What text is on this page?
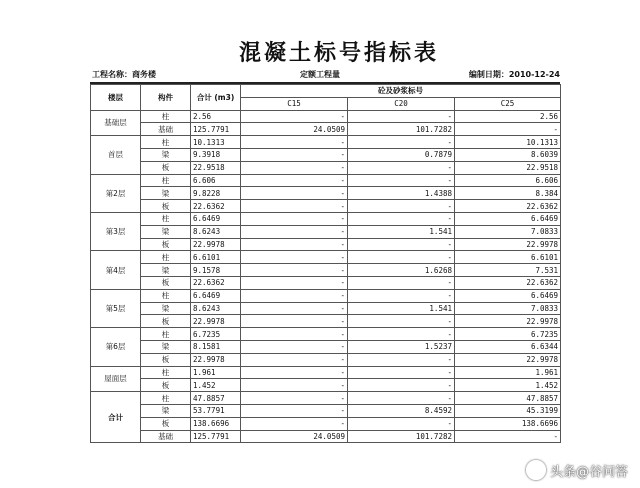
混凝土标号指标表
工程名称：商务楼	定额工程量	编制日期：2010-12-24
楼层	构件	合计 (m3)	砼及砂浆标号		
			C15	C20	C25
基础层	柱	2.56	-	-	2.56
	基础	125.7791	24.0509	101.7282	-
首层	柱	10.1313	-	-	10.1313
	梁	9.3918	-	0.7879	8.6039
	板	22.9518	-	-	22.9518
第2层	柱	6.606	-	-	6.606
	梁	9.8228	-	1.4388	8.384
	板	22.6362	-	-	22.6362
第3层	柱	6.6469	-	-	6.6469
	梁	8.6243	-	1.541	7.0833
	板	22.9978	-	-	22.9978
第4层	柱	6.6101	-	-	6.6101
	梁	9.1578	-	1.6268	7.531
	板	22.6362	-	-	22.6362
第5层	柱	6.6469	-	-	6.6469
	梁	8.6243	-	1.541	7.0833
	板	22.9978	-	-	22.9978
第6层	柱	6.7235	-	-	6.7235
	梁	8.1581	-	1.5237	6.6344
	板	22.9978	-	-	22.9978
屋面层	柱	1.961	-	-	1.961
	板	1.452	-	-	1.452
合计	柱	47.8857	-	-	47.8857
	梁	53.7791	-	8.4592	45.3199
	板	138.6696	-	-	138.6696
	基础	125.7791	24.0509	101.7282	-
头条@谷问答
